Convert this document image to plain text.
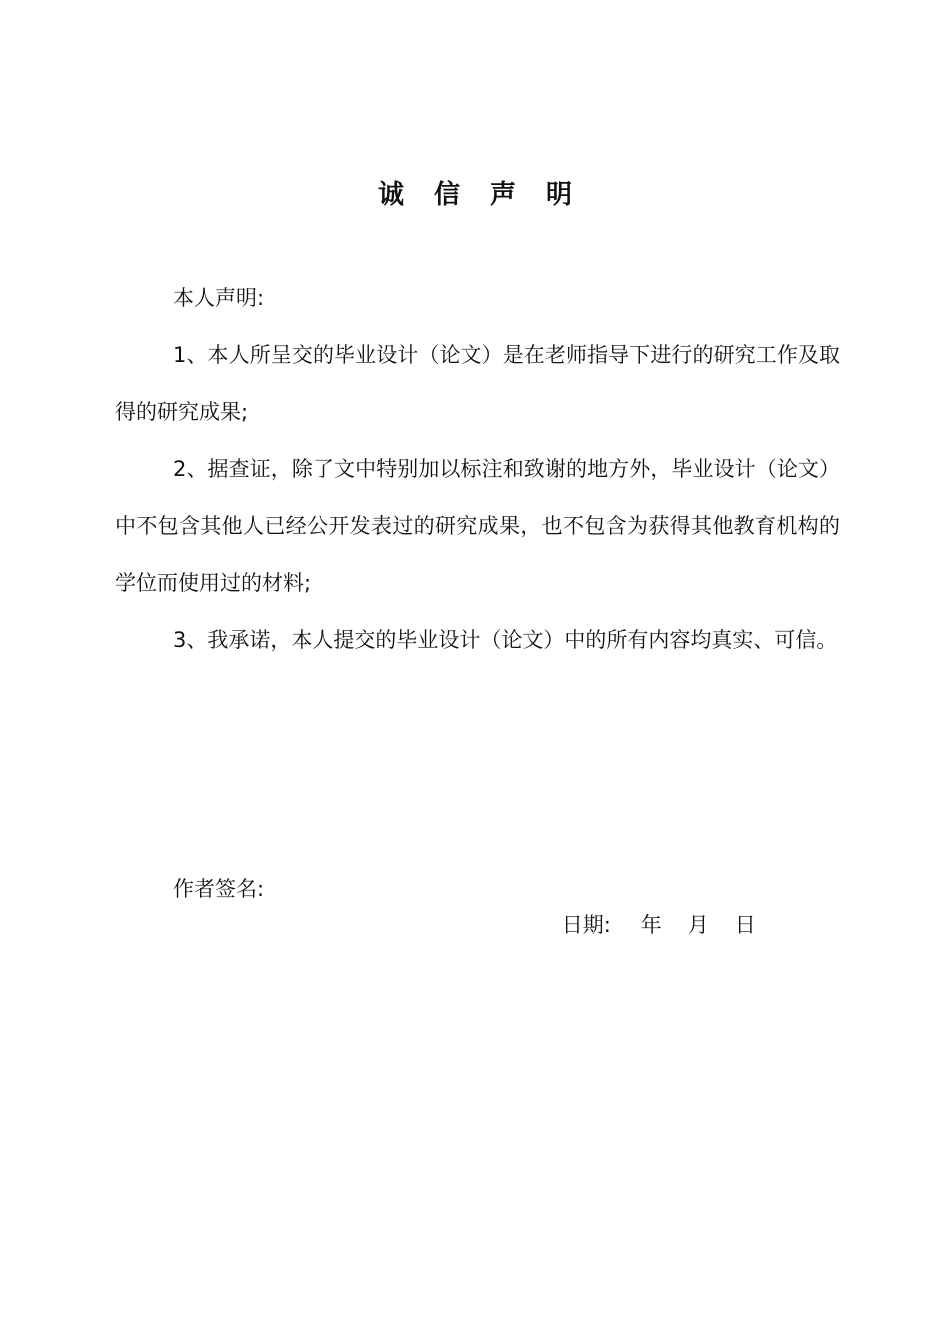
诚 信 声 明

本人声明:

1、本人所呈交的毕业设计（论文）是在老师指导下进行的研究工作及取得的研究成果;

2、据查证，除了文中特别加以标注和致谢的地方外，毕业设计（论文）中不包含其他人已经公开发表过的研究成果，也不包含为获得其他教育机构的学位而使用过的材料;

3、我承诺，本人提交的毕业设计（论文）中的所有内容均真实、可信。

作者签名:

日期: 年 月 日
